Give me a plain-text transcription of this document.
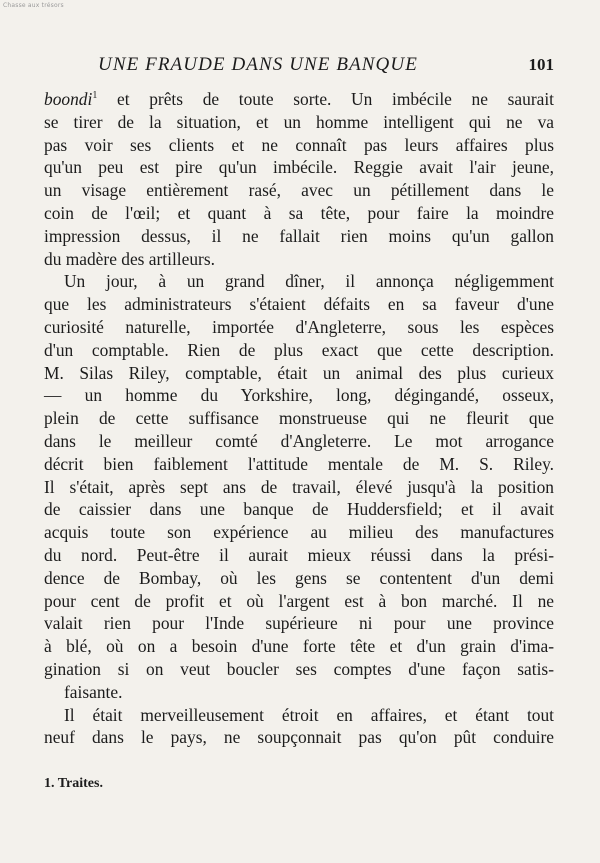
Chasse aux trésors
UNE FRAUDE DANS UNE BANQUE	101
boondi$^1$ et prêts de toute sorte. Un imbécile ne saurait
se tirer de la situation, et un homme intelligent qui ne va
pas voir ses clients et ne connaît pas leurs affaires plus
qu'un peu est pire qu'un imbécile. Reggie avait l'air jeune,
un visage entièrement rasé, avec un pétillement dans le
coin de l'œil; et quant à sa tête, pour faire la moindre
impression dessus, il ne fallait rien moins qu'un gallon
du madère des artilleurs.
Un jour, à un grand dîner, il annonça négligemment
que les administrateurs s'étaient défaits en sa faveur d'une
curiosité naturelle, importée d'Angleterre, sous les espèces
d'un comptable. Rien de plus exact que cette description.
M. Silas Riley, comptable, était un animal des plus curieux
— un homme du Yorkshire, long, dégingandé, osseux,
plein de cette suffisance monstrueuse qui ne fleurit que
dans le meilleur comté d'Angleterre. Le mot arrogance
décrit bien faiblement l'attitude mentale de M. S. Riley.
Il s'était, après sept ans de travail, élevé jusqu'à la position
de caissier dans une banque de Huddersfield; et il avait
acquis toute son expérience au milieu des manufactures
du nord. Peut-être il aurait mieux réussi dans la prési-
dence de Bombay, où les gens se contentent d'un demi
pour cent de profit et où l'argent est à bon marché. Il ne
valait rien pour l'Inde supérieure ni pour une province
à blé, où on a besoin d'une forte tête et d'un grain d'ima-
gination si on veut boucler ses comptes d'une façon satis-
faisante.
Il était merveilleusement étroit en affaires, et étant tout
neuf dans le pays, ne soupçonnait pas qu'on pût conduire
1. Traites.
